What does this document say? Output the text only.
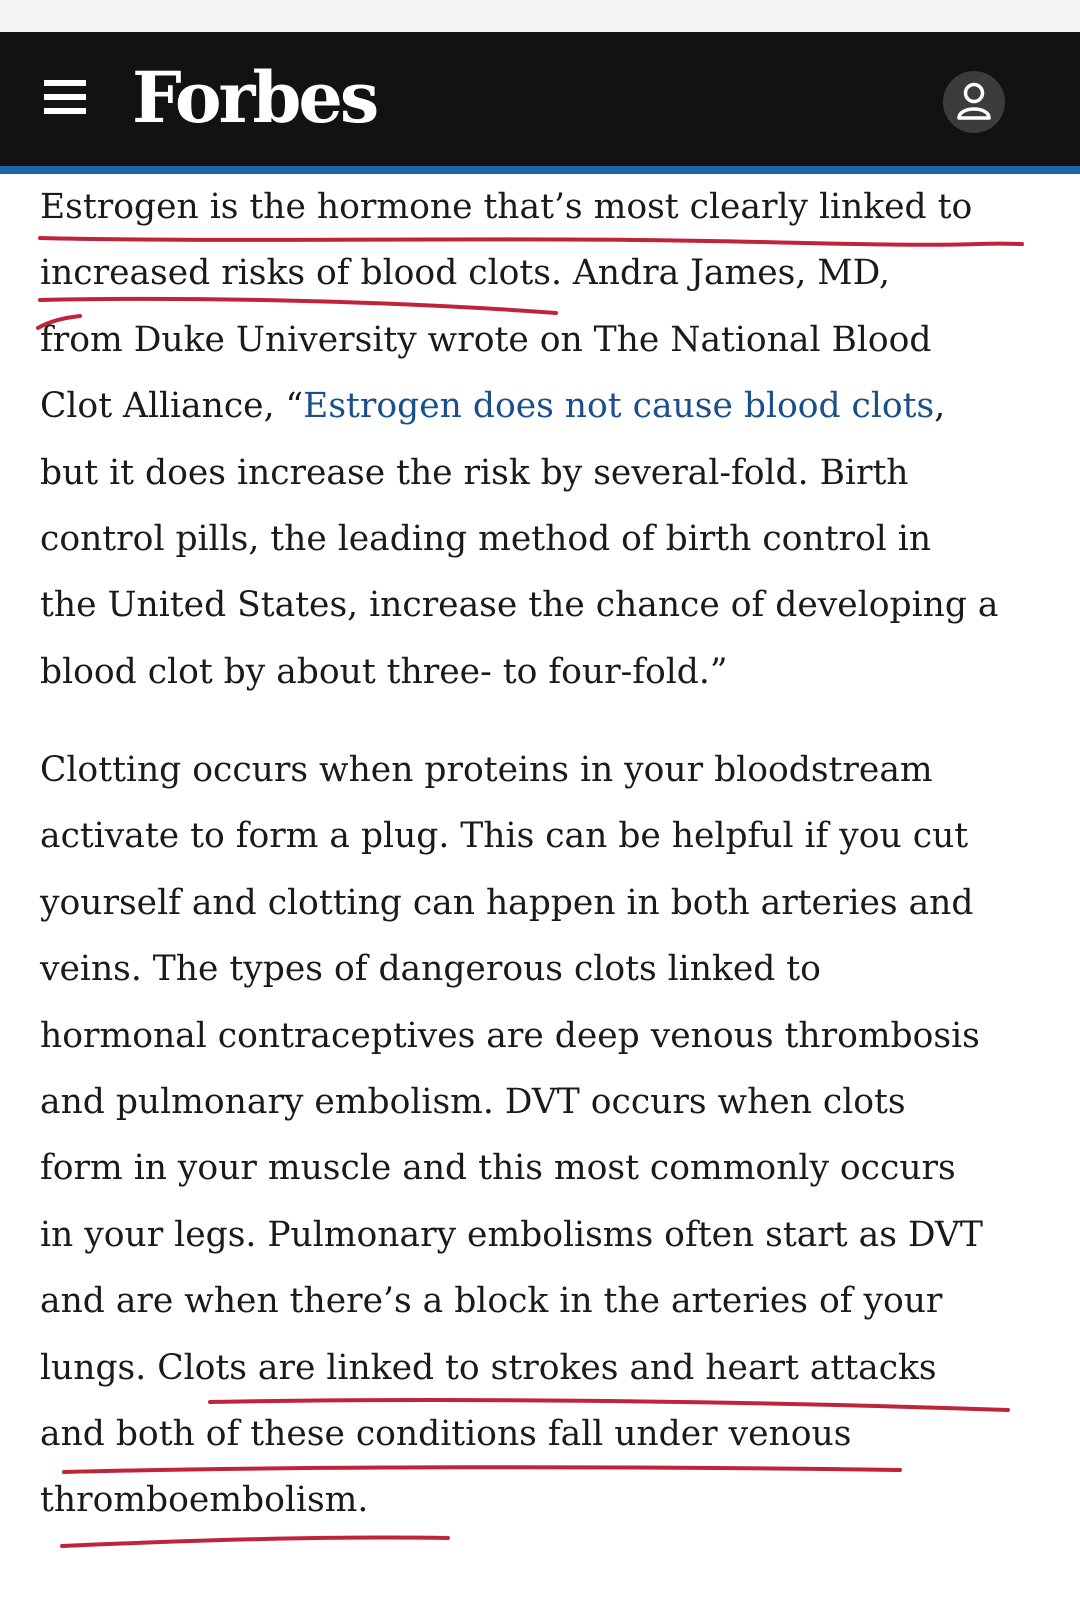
Forbes

Estrogen is the hormone that’s most clearly linked to
increased risks of blood clots. Andra James, MD,
from Duke University wrote on The National Blood
Clot Alliance, “Estrogen does not cause blood clots,
but it does increase the risk by several-fold. Birth
control pills, the leading method of birth control in
the United States, increase the chance of developing a
blood clot by about three- to four-fold.”

Clotting occurs when proteins in your bloodstream
activate to form a plug. This can be helpful if you cut
yourself and clotting can happen in both arteries and
veins. The types of dangerous clots linked to
hormonal contraceptives are deep venous thrombosis
and pulmonary embolism. DVT occurs when clots
form in your muscle and this most commonly occurs
in your legs. Pulmonary embolisms often start as DVT
and are when there’s a block in the arteries of your
lungs. Clots are linked to strokes and heart attacks
and both of these conditions fall under venous
thromboembolism.
